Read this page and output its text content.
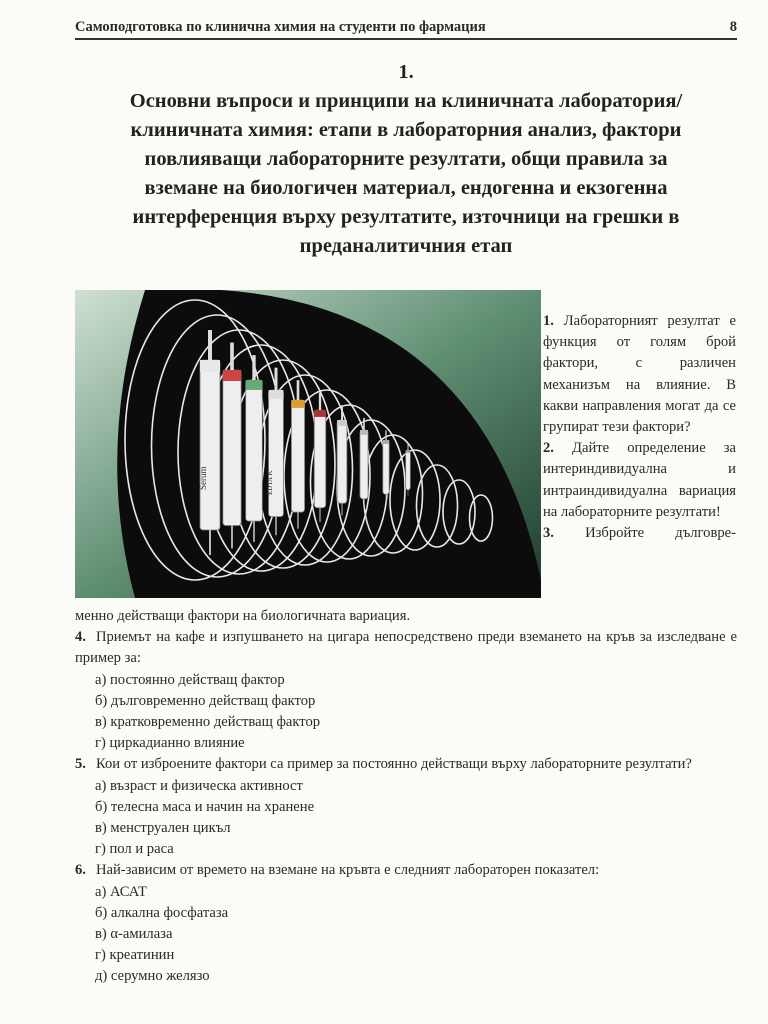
Самоподготовка по клинична химия на студенти по фармация	8
1.
Основни въпроси и принципи на клиничната лаборатория/
клиничната химия: етапи в лабораторния анализ, фактори
повлияващи лабораторните резултати, общи правила за
вземане на биологичен материал, ендогенна и екзогенна
интерференция върху резултатите, източници на грешки в
преданалитичния етап
Serum	EDTA K

1. Лабораторният резултат е функция от голям брой фактори, с различен механизъм на влияние. В какви направления могат да се групират тези фактори?

2. Дайте определение за интериндивидуална и интраиндивидуална вариация на лабораторните резултати!

3. Избройте дълговре-

менно действащи фактори на биологичната вариация.

4. Приемът на кафе и изпушването на цигара непосредствено преди вземането на кръв за изследване е пример за:

а) постоянно действащ фактор

б) дълговременно действащ фактор

в) кратковременно действащ фактор

г) циркадианно влияние

5. Кои от изброените фактори са пример за постоянно действащи върху лабораторните резултати?

а) възраст и физическа активност

б) телесна маса и начин на хранене

в) менструален цикъл

г) пол и раса

6. Най-зависим от времето на вземане на кръвта е следният лабораторен показател:

а) АСАТ

б) алкална фосфатаза

в) α-амилаза

г) креатинин

д) серумно желязо
